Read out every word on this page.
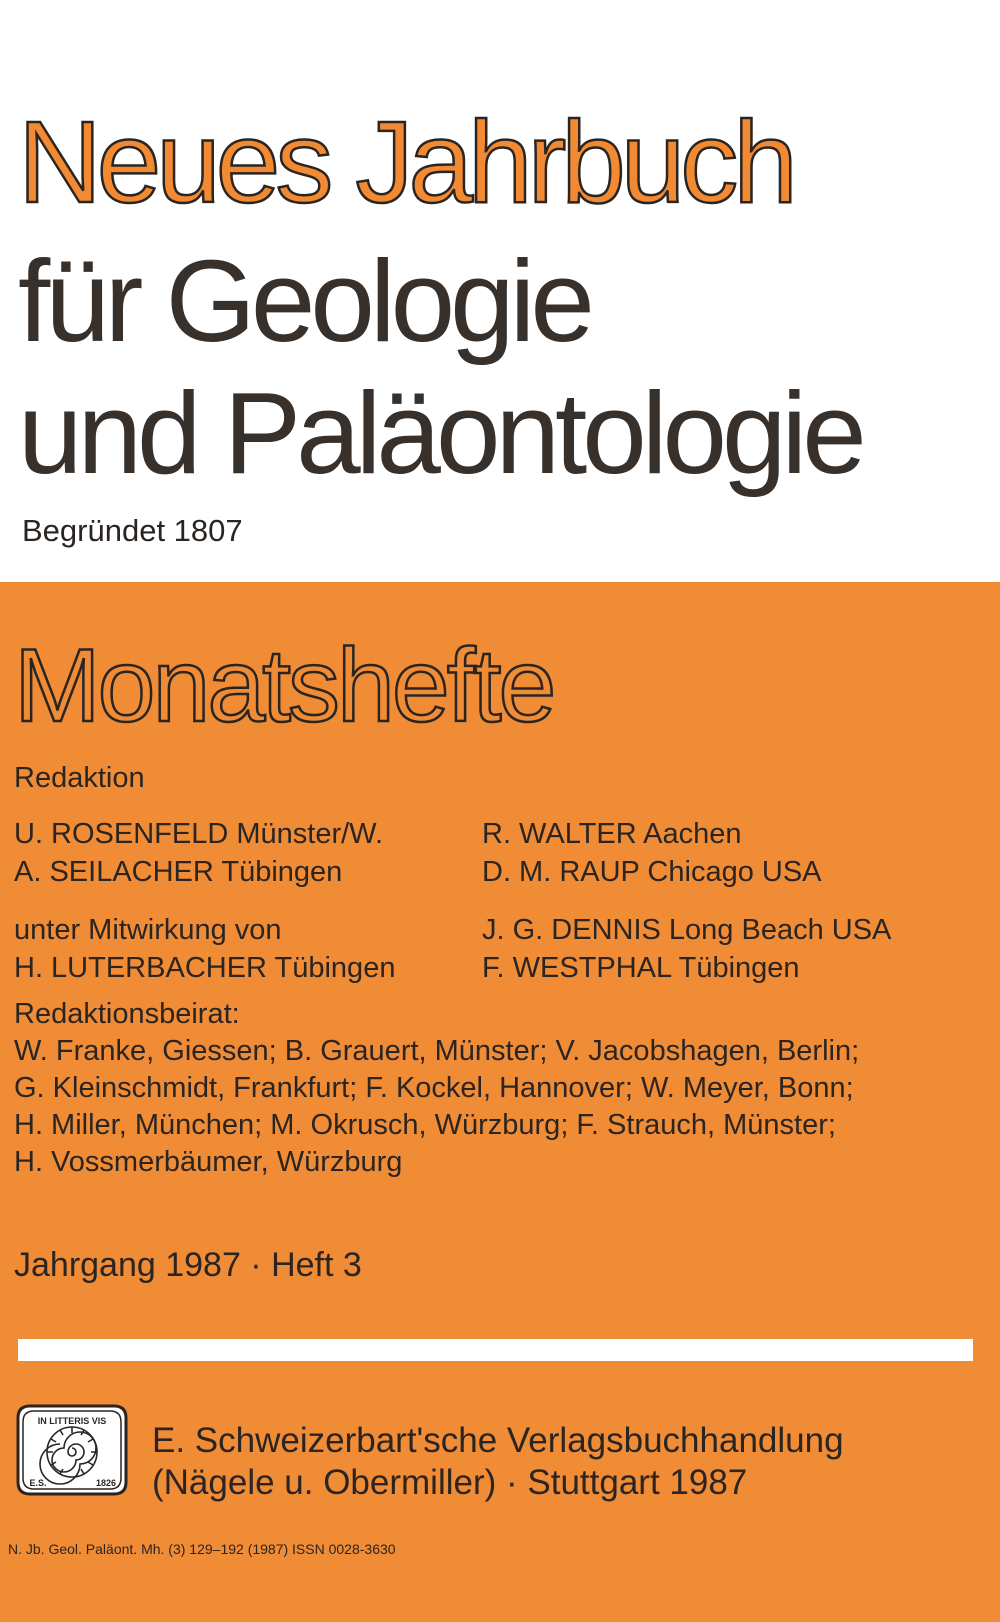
Neues Jahrbuch
für Geologie
und Paläontologie
Begründet 1807
Monatshefte
Redaktion
U. ROSENFELD Münster/W.
A. SEILACHER Tübingen
R. WALTER Aachen
D. M. RAUP Chicago USA
unter Mitwirkung von
H. LUTERBACHER Tübingen
J. G. DENNIS Long Beach USA
F. WESTPHAL Tübingen
Redaktionsbeirat:
W. Franke, Giessen; B. Grauert, Münster; V. Jacobshagen, Berlin;
G. Kleinschmidt, Frankfurt; F. Kockel, Hannover; W. Meyer, Bonn;
H. Miller, München; M. Okrusch, Würzburg; F. Strauch, Münster;
H. Vossmerbäumer, Würzburg
Jahrgang 1987 · Heft 3
IN LITTERIS VIS
E.S.	1826
E. Schweizerbart'sche Verlagsbuchhandlung
(Nägele u. Obermiller) · Stuttgart 1987
N. Jb. Geol. Paläont. Mh. (3) 129–192 (1987) ISSN 0028-3630
